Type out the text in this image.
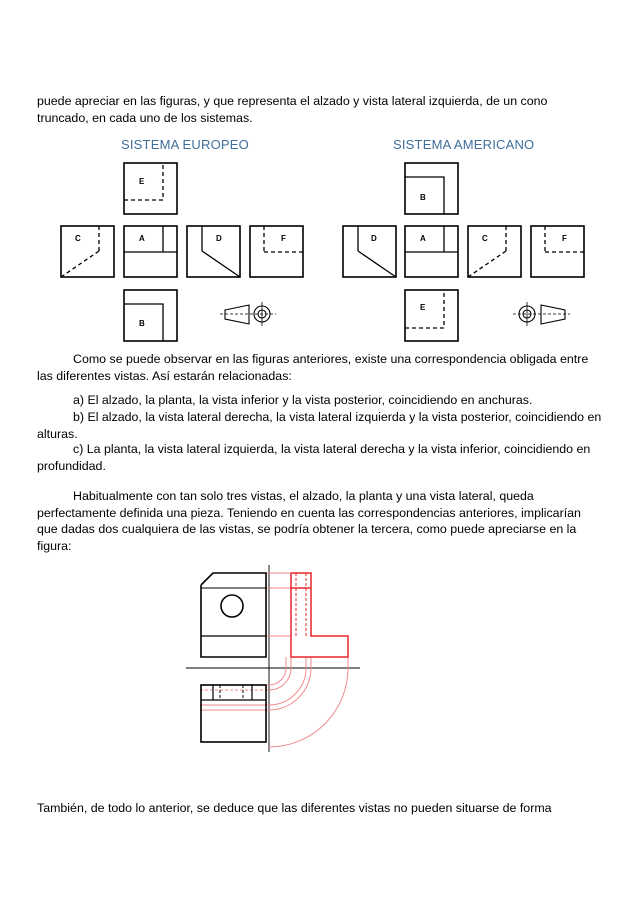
puede apreciar en las figuras, y que representa el alzado y vista lateral izquierda, de un cono truncado, en cada uno de los sistemas.

SISTEMA EUROPEO	SISTEMA AMERICANO
E
C	A	D	F
B
B
D	A	C	F
E

Como se puede observar en las figuras anteriores, existe una correspondencia obligada entre las diferentes vistas. Así estarán relacionadas:

a) El alzado, la planta, la vista inferior y la vista posterior, coincidiendo en anchuras.

b) El alzado, la vista lateral derecha, la vista lateral izquierda y la vista posterior, coincidiendo en alturas.

c) La planta, la vista lateral izquierda, la vista lateral derecha y la vista inferior, coincidiendo en profundidad.

Habitualmente con tan solo tres vistas, el alzado, la planta y una vista lateral, queda perfectamente definida una pieza. Teniendo en cuenta las correspondencias anteriores, implicarían que dadas dos cualquiera de las vistas, se podría obtener la tercera, como puede apreciarse en la figura:

También, de todo lo anterior, se deduce que las diferentes vistas no pueden situarse de forma
